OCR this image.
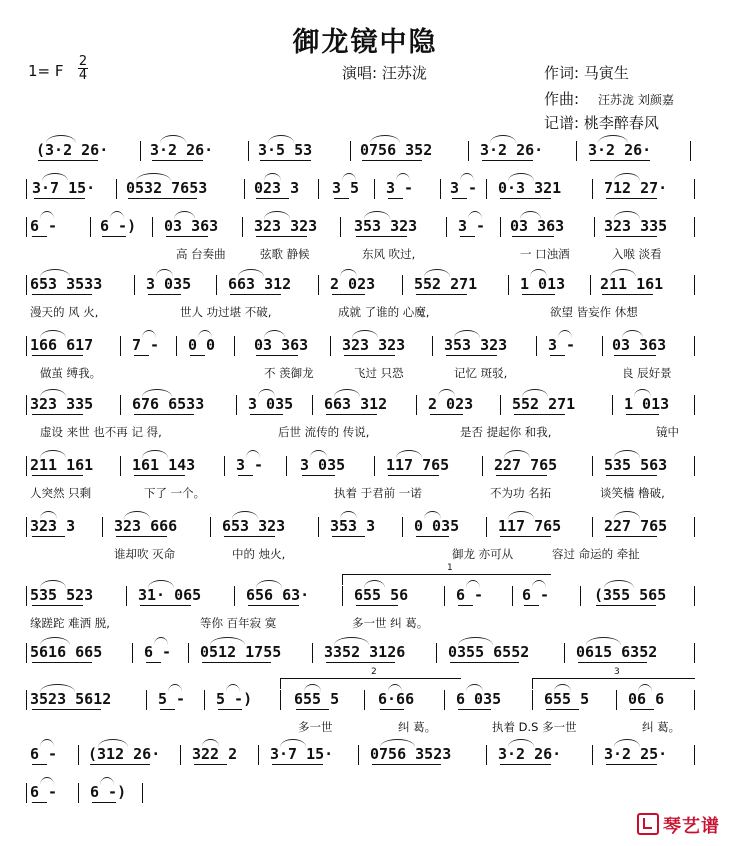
御龙镜中隐
1= F
2
4	演唱: 汪苏泷	作词: 马寅生
作曲: 汪苏泷 刘颜嘉
记谱: 桃李醉春风
(3·2 26·	3·2 26·	3·5 53	0756 352	3·2 26·	3·2 26·
3·7 15· 0532 7653	023 3 3 5 3 - 3 - 0·3 321	712 27·
6 -	6 -) 03 363 323 323 353 323	3 - 03 363	323 335
高 台奏曲	弦歌 静候	东风 吹过,	一 口浊酒	入喉 淡看
653 3533	3 035 663 312	2 023	552 271	1 013 211 161
漫天的 风 火,	世人 功过堪 不破,	成就 了谁的 心魔,	欲望 皆妄作 休想
166 617	7 - 0 0	03 363 323 323	353 323	3 - 03 363
做茧 缚我。	不 羡御龙	飞过 只恐	记忆 斑驳,	良 辰好景
323 335	676 6533	3 035 663 312	2 023	552 271	1 013
虚设 来世 也不再 记 得,	后世 流传的 传说,	是否 提起你 和我,	镜中
211 161	161 143	3 - 3 035	117 765	227 765	535 563
人突然 只剩	下了 一个。	执着 于君前 一诺	不为功 名拓	谈笑樯 橹破,
323 3	323 666	653 323	353 3	0 035	117 765	227 765
谁却吹 灭命	中的 烛火,	御龙 亦可从	容过 命运的 牵扯
535 523	31· 065	656 63·	655 56	6 -	6 -	(355 565
缘蹉跎 难洒 脱,	等你 百年寂 寞	多一世 纠 葛。
1
5616 665	6 - 0512 1755	3352 3126	0355 6552	0615 6352
3523 5612	5 - 5 -)	655 5	6·66	6 035	655 5	06 6
多一世	纠 葛。	执着 D.S 多一世	纠 葛。
2	3
6 - (312 26· 322 2 3·7 15· 0756 3523	3·2 26·	3·2 25·
6 - 6 -)
琴艺谱
